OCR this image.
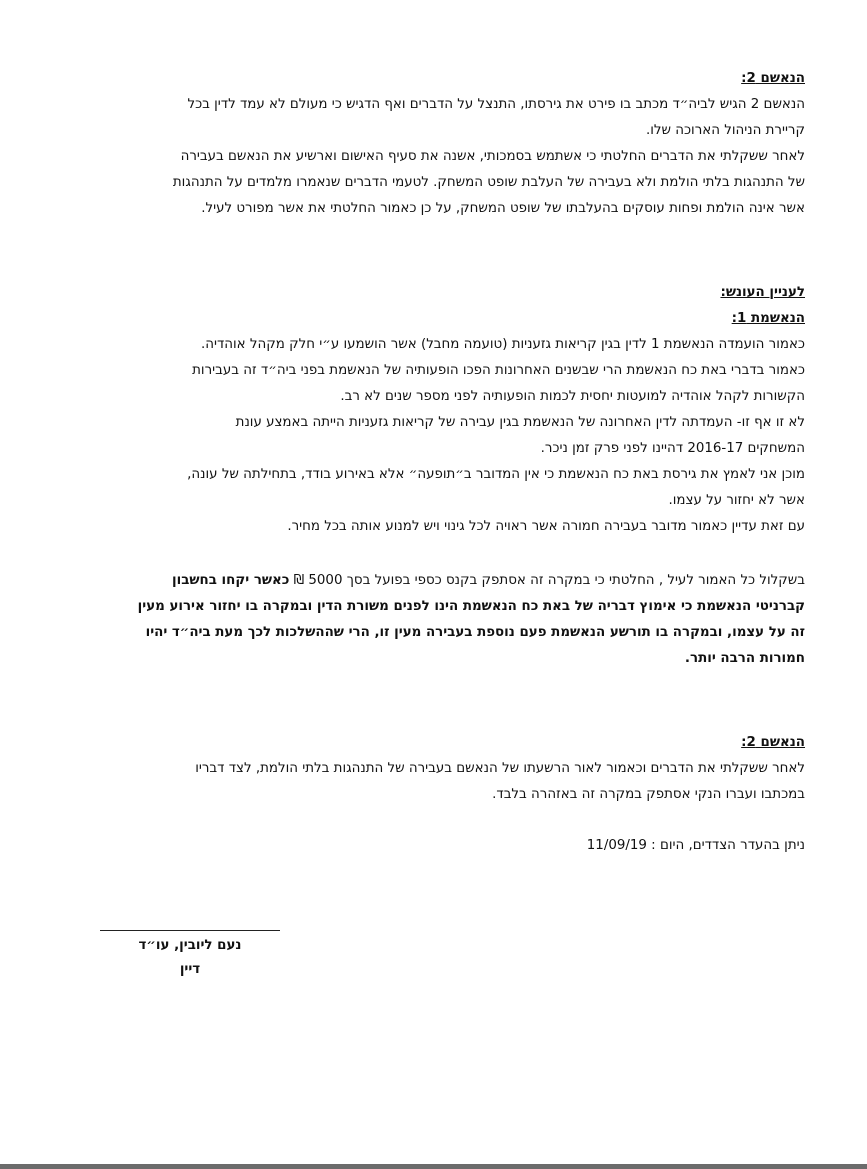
הנאשם 2:
הנאשם 2 הגיש לביה״ד מכתב בו פירט את גירסתו, התנצל על הדברים ואף הדגיש כי מעולם לא עמד לדין בכל
קריירת הניהול הארוכה שלו.
לאחר ששקלתי את הדברים החלטתי כי אשתמש בסמכותי, אשנה את סעיף האישום וארשיע את הנאשם בעבירה
של התנהגות בלתי הולמת ולא בעבירה של העלבת שופט המשחק. לטעמי הדברים שנאמרו מלמדים על התנהגות
אשר אינה הולמת ופחות עוסקים בהעלבתו של שופט המשחק, על כן כאמור החלטתי את אשר מפורט לעיל.
לעניין העונש:
הנאשמת 1:
כאמור הועמדה הנאשמת 1 לדין בגין קריאות גזעניות (טועמה מחבל) אשר הושמעו ע״י חלק מקהל אוהדיה.
כאמור בדברי באת כח הנאשמת הרי שבשנים האחרונות הפכו הופעותיה של הנאשמת בפני ביה״ד זה בעבירות
הקשורות לקהל אוהדיה למועטות יחסית לכמות הופעותיה לפני מספר שנים לא רב.
לא זו אף זו- העמדתה לדין האחרונה של הנאשמת בגין עבירה של קריאות גזעניות הייתה באמצע עונת
המשחקים 2016-17 דהיינו לפני פרק זמן ניכר.
מוכן אני לאמץ את גירסת באת כח הנאשמת כי אין המדובר ב״תופעה״ אלא באירוע בודד, בתחילתה של עונה,
אשר לא יחזור על עצמו.
עם זאת עדיין כאמור מדובר בעבירה חמורה אשר ראויה לכל גינוי ויש למנוע אותה בכל מחיר.
בשקלול כל האמור לעיל , החלטתי כי במקרה זה אסתפק בקנס כספי בפועל בסך 5000 ₪ כאשר יקחו בחשבון
קברניטי הנאשמת כי אימוץ דבריה של באת כח הנאשמת הינו לפנים משורת הדין ובמקרה בו יחזור אירוע מעין
זה על עצמו, ובמקרה בו תורשע הנאשמת פעם נוספת בעבירה מעין זו, הרי שההשלכות לכך מעת ביה״ד יהיו
חמורות הרבה יותר.
הנאשם 2:
לאחר ששקלתי את הדברים וכאמור לאור הרשעתו של הנאשם בעבירה של התנהגות בלתי הולמת, לצד דבריו
במכתבו ועברו הנקי אסתפק במקרה זה באזהרה בלבד.
ניתן בהעדר הצדדים, היום : 11/09/19
נעם ליובין, עו״ד
דיין
